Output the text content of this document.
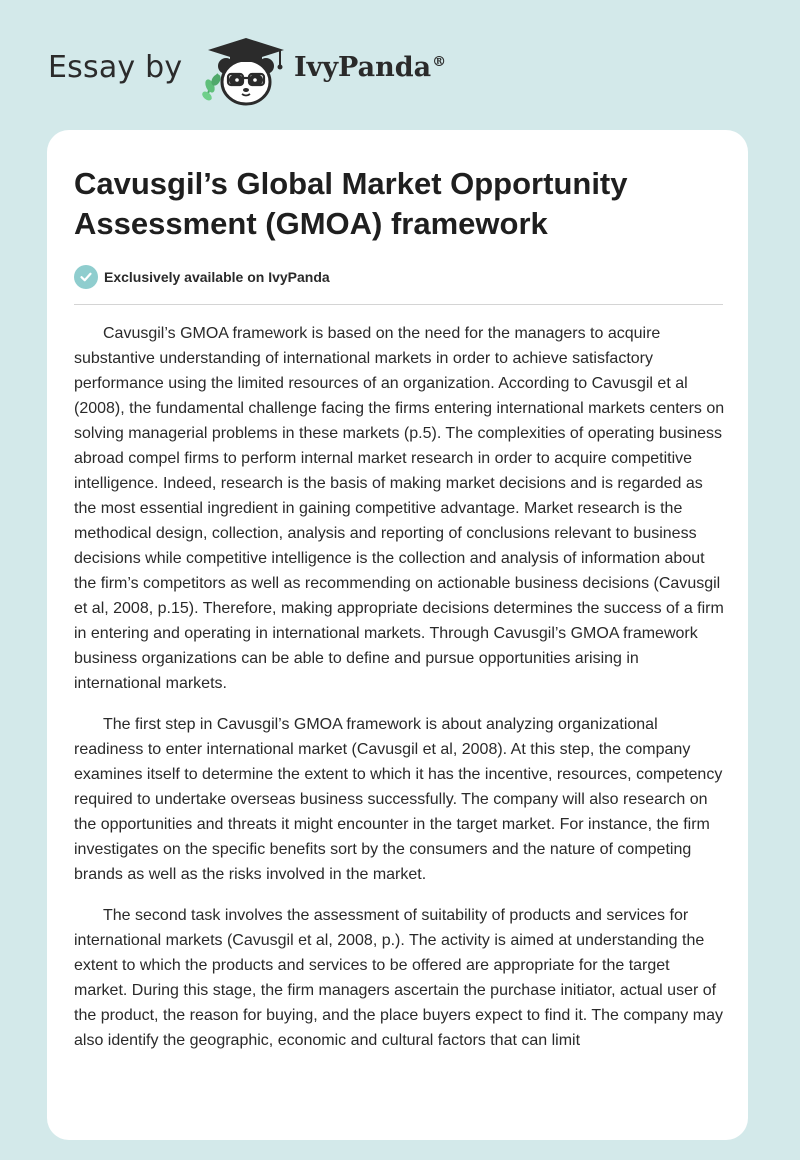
Essay by	IvyPanda®
Cavusgil’s Global Market Opportunity Assessment (GMOA) framework
Exclusively available on IvyPanda

Cavusgil’s GMOA framework is based on the need for the managers to acquire substantive understanding of international markets in order to achieve satisfactory performance using the limited resources of an organization. According to Cavusgil et al (2008), the fundamental challenge facing the firms entering international markets centers on solving managerial problems in these markets (p.5). The complexities of operating business abroad compel firms to perform internal market research in order to acquire competitive intelligence. Indeed, research is the basis of making market decisions and is regarded as the most essential ingredient in gaining competitive advantage. Market research is the methodical design, collection, analysis and reporting of conclusions relevant to business decisions while competitive intelligence is the collection and analysis of information about the firm’s competitors as well as recommending on actionable business decisions (Cavusgil et al, 2008, p.15). Therefore, making appropriate decisions determines the success of a firm in entering and operating in international markets. Through Cavusgil’s GMOA framework business organizations can be able to define and pursue opportunities arising in international markets.

The first step in Cavusgil’s GMOA framework is about analyzing organizational readiness to enter international market (Cavusgil et al, 2008). At this step, the company examines itself to determine the extent to which it has the incentive, resources, competency required to undertake overseas business successfully. The company will also research on the opportunities and threats it might encounter in the target market. For instance, the firm investigates on the specific benefits sort by the consumers and the nature of competing brands as well as the risks involved in the market.

The second task involves the assessment of suitability of products and services for international markets (Cavusgil et al, 2008, p.). The activity is aimed at understanding the extent to which the products and services to be offered are appropriate for the target market. During this stage, the firm managers ascertain the purchase initiator, actual user of the product, the reason for buying, and the place buyers expect to find it. The company may also identify the geographic, economic and cultural factors that can limit
